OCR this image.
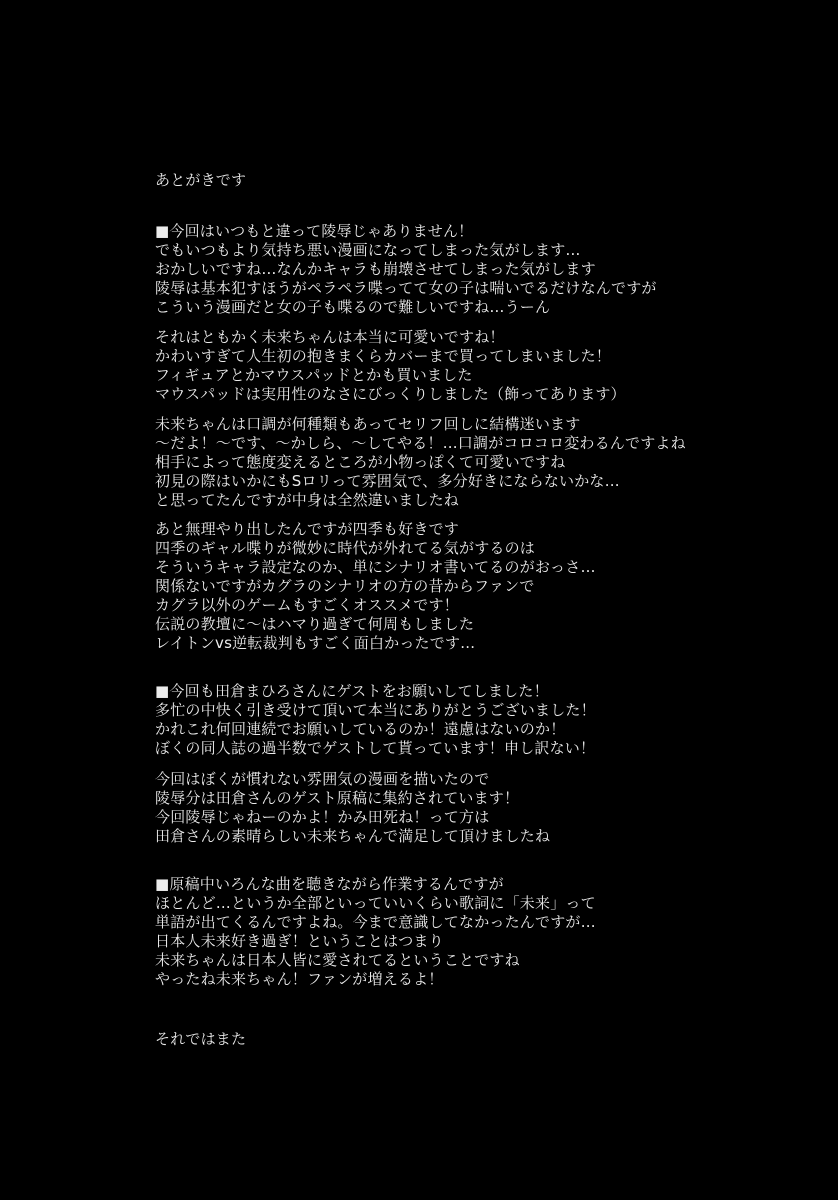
あとがきです
■今回はいつもと違って陵辱じゃありません！
でもいつもより気持ち悪い漫画になってしまった気がします…
おかしいですね…なんかキャラも崩壊させてしまった気がします
陵辱は基本犯すほうがペラペラ喋ってて女の子は喘いでるだけなんですが
こういう漫画だと女の子も喋るので難しいですね…うーん
それはともかく未来ちゃんは本当に可愛いですね！
かわいすぎて人生初の抱きまくらカバーまで買ってしまいました！
フィギュアとかマウスパッドとかも買いました
マウスパッドは実用性のなさにびっくりしました（飾ってあります）
未来ちゃんは口調が何種類もあってセリフ回しに結構迷います
～だよ！～です、～かしら、～してやる！…口調がコロコロ変わるんですよね
相手によって態度変えるところが小物っぽくて可愛いですね
初見の際はいかにもSロリって雰囲気で、多分好きにならないかな…
と思ってたんですが中身は全然違いましたね
あと無理やり出したんですが四季も好きです
四季のギャル喋りが微妙に時代が外れてる気がするのは
そういうキャラ設定なのか、単にシナリオ書いてるのがおっさ…
関係ないですがカグラのシナリオの方の昔からファンで
カグラ以外のゲームもすごくオススメです！
伝説の教壇に～はハマり過ぎて何周もしました
レイトンvs逆転裁判もすごく面白かったです…
■今回も田倉まひろさんにゲストをお願いしてしました！
多忙の中快く引き受けて頂いて本当にありがとうございました！
かれこれ何回連続でお願いしているのか！遠慮はないのか！
ぼくの同人誌の過半数でゲストして貰っています！申し訳ない！
今回はぼくが慣れない雰囲気の漫画を描いたので
陵辱分は田倉さんのゲスト原稿に集約されています！
今回陵辱じゃねーのかよ！かみ田死ね！って方は
田倉さんの素晴らしい未来ちゃんで満足して頂けましたね
■原稿中いろんな曲を聴きながら作業するんですが
ほとんど…というか全部といっていいくらい歌詞に「未来」って
単語が出てくるんですよね。今まで意識してなかったんですが…
日本人未来好き過ぎ！ということはつまり
未来ちゃんは日本人皆に愛されてるということですね
やったね未来ちゃん！ファンが増えるよ！
それではまた
